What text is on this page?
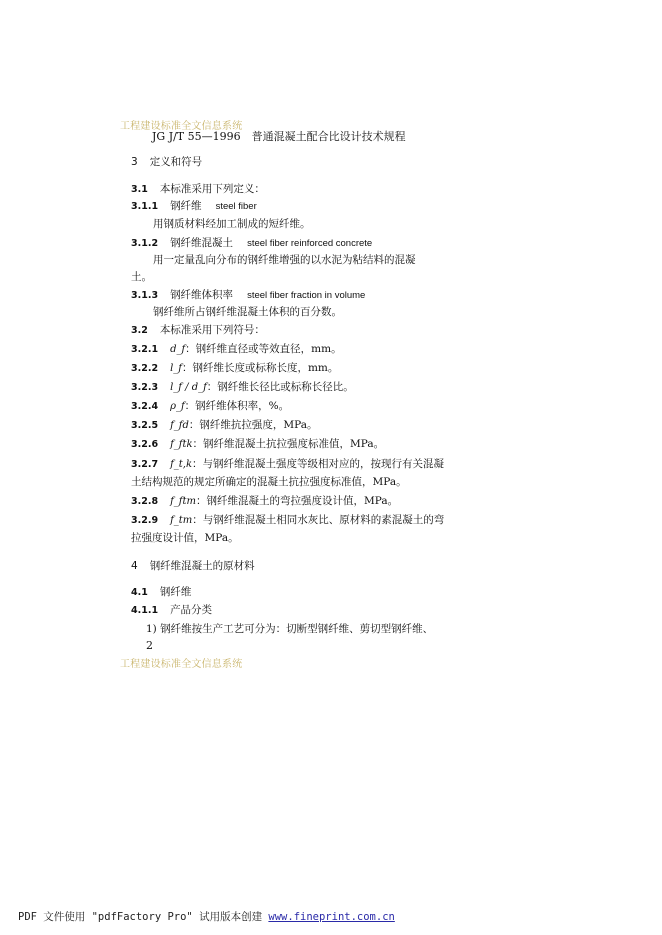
工程建设标准全文信息系统
JG J/T 55—1996　普通混凝土配合比设计技术规程
3 定义和符号
3.1 本标准采用下列定义：
3.1.1 钢纤维 steel fiber
用钢质材料经加工制成的短纤维。
3.1.2 钢纤维混凝土 steel fiber reinforced concrete
用一定量乱向分布的钢纤维增强的以水泥为粘结料的混凝
土。
3.1.3 钢纤维体积率 steel fiber fraction in volume
钢纤维所占钢纤维混凝土体积的百分数。
3.2 本标准采用下列符号：
3.2.1 d_f：钢纤维直径或等效直径，mm。
3.2.2 l_f：钢纤维长度或标称长度，mm。
3.2.3 l_f / d_f：钢纤维长径比或标称长径比。
3.2.4 ρ_f：钢纤维体积率，%。
3.2.5 f_fd：钢纤维抗拉强度，MPa。
3.2.6 f_ftk：钢纤维混凝土抗拉强度标准值，MPa。
3.2.7 f_t,k：与钢纤维混凝土强度等级相对应的，按现行有关混凝
土结构规范的规定所确定的混凝土抗拉强度标准值，MPa。
3.2.8 f_ftm：钢纤维混凝土的弯拉强度设计值，MPa。
3.2.9 f_tm：与钢纤维混凝土相同水灰比、原材料的素混凝土的弯
拉强度设计值，MPa。
4 钢纤维混凝土的原材料
4.1 钢纤维
4.1.1 产品分类
1) 钢纤维按生产工艺可分为：切断型钢纤维、剪切型钢纤维、
2
工程建设标准全文信息系统
PDF 文件使用 "pdfFactory Pro" 试用版本创建 www.fineprint.com.cn
